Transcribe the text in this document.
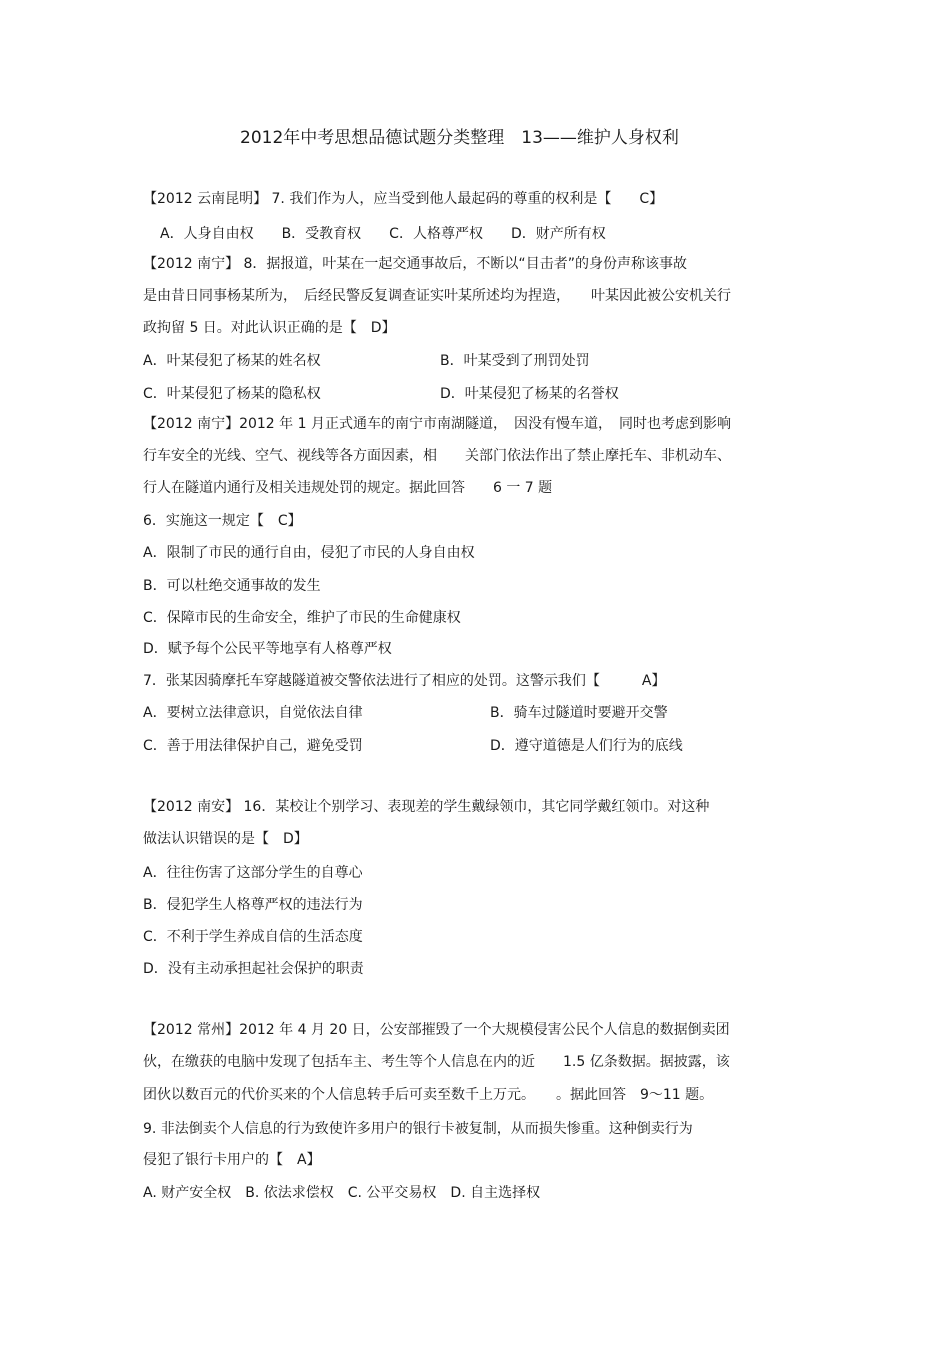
2012年中考思想品德试题分类整理　13——维护人身权利
【2012 云南昆明】 7. 我们作为人，应当受到他人最起码的尊重的权利是【　　C】
A．人身自由权　　B．受教育权　　C．人格尊严权　　D．财产所有权
【2012 南宁】 8．据报道，叶某在一起交通事故后，不断以“目击者”的身份声称该事故
是由昔日同事杨某所为，　后经民警反复调查证实叶某所述均为捏造，　　叶某因此被公安机关行
政拘留 5 日。对此认识正确的是【　D】
A．叶某侵犯了杨某的姓名权	B．叶某受到了刑罚处罚
C．叶某侵犯了杨某的隐私权	D．叶某侵犯了杨某的名誉权
【2012 南宁】2012 年 1 月正式通车的南宁市南湖隧道，　因没有慢车道，　同时也考虑到影响
行车安全的光线、空气、视线等各方面因素，相　　关部门依法作出了禁止摩托车、非机动车、
行人在隧道内通行及相关违规处罚的规定。据此回答　　6 一 7 题
6．实施这一规定【　C】
A．限制了市民的通行自由，侵犯了市民的人身自由权
B．可以杜绝交通事故的发生
C．保障市民的生命安全，维护了市民的生命健康权
D．赋予每个公民平等地享有人格尊严权
7．张某因骑摩托车穿越隧道被交警依法进行了相应的处罚。这警示我们【　　　A】
A．要树立法律意识，自觉依法自律	B．骑车过隧道时要避开交警
C．善于用法律保护自己，避免受罚	D．遵守道德是人们行为的底线
【2012 南安】 16．某校让个别学习、表现差的学生戴绿领巾，其它同学戴红领巾。对这种
做法认识错误的是【　D】
A．往往伤害了这部分学生的自尊心
B．侵犯学生人格尊严权的违法行为
C．不利于学生养成自信的生活态度
D．没有主动承担起社会保护的职责
【2012 常州】2012 年 4 月 20 日，公安部摧毁了一个大规模侵害公民个人信息的数据倒卖团
伙，在缴获的电脑中发现了包括车主、考生等个人信息在内的近　　1.5 亿条数据。据披露，该
团伙以数百元的代价买来的个人信息转手后可卖至数千上万元。　　。据此回答　9～11 题。
9. 非法倒卖个人信息的行为致使许多用户的银行卡被复制，从而损失惨重。这种倒卖行为
侵犯了银行卡用户的【　A】
A. 财产安全权　B. 依法求偿权　C. 公平交易权　D. 自主选择权
